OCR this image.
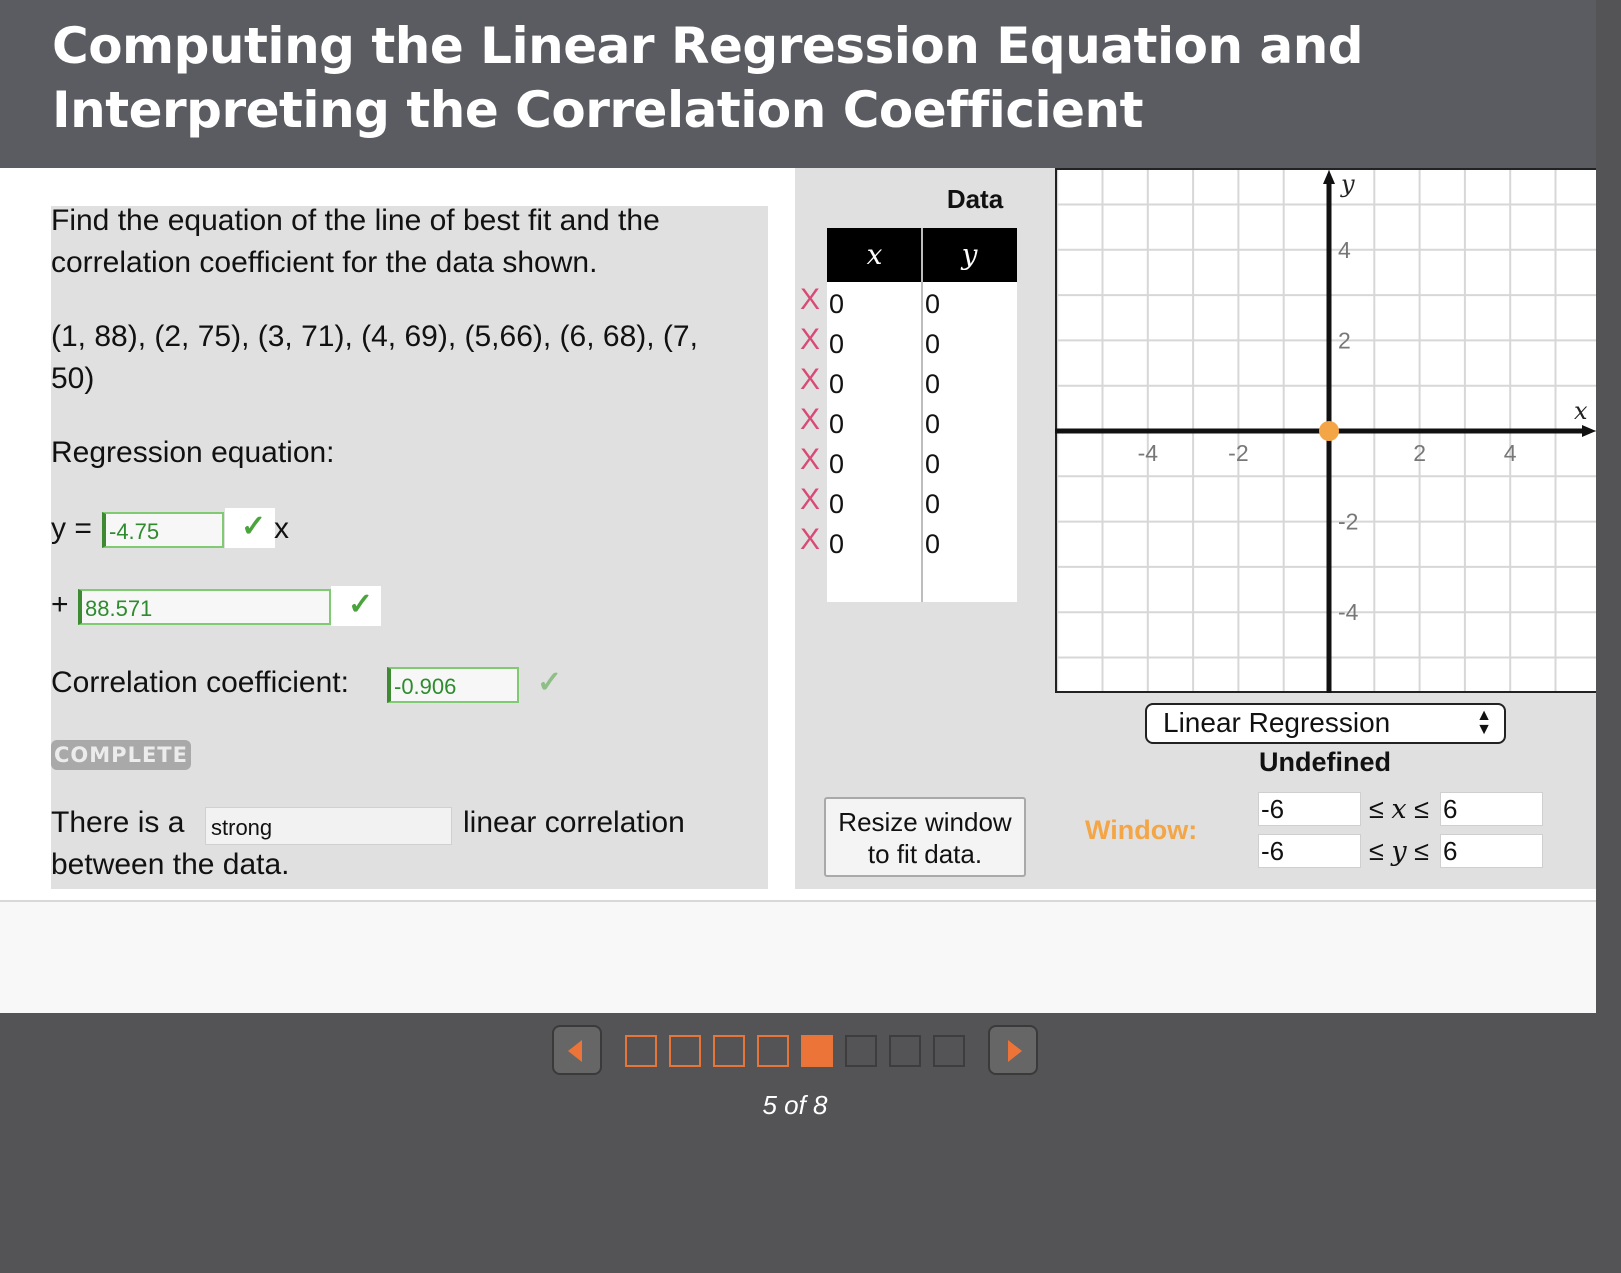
Computing the Linear Regression Equation and Interpreting the Correlation Coefficient
Find the equation of the line of best fit and the correlation coefficient for the data shown.
(1, 88), (2, 75), (3, 71), (4, 69), (5,66), (6, 68), (7,
50)
Regression equation:
y = -4.75	✓ x
+ 88.571	✓
Correlation coefficient:	-0.906	✓
COMPLETE
There is a strong	linear correlation
between the data.
Data
x	y
X 0	0
X 0	0
X 0	0
X 0	0
X 0	0
X 0	0
X 0	0
y
x
-4	-2	2	4
4
2
-2
-4
Linear Regression	▲
▼
Undefined
Window:
-6	≤ x ≤ 6
-6	≤ y ≤ 6
Resize window
to fit data.
5 of 8
